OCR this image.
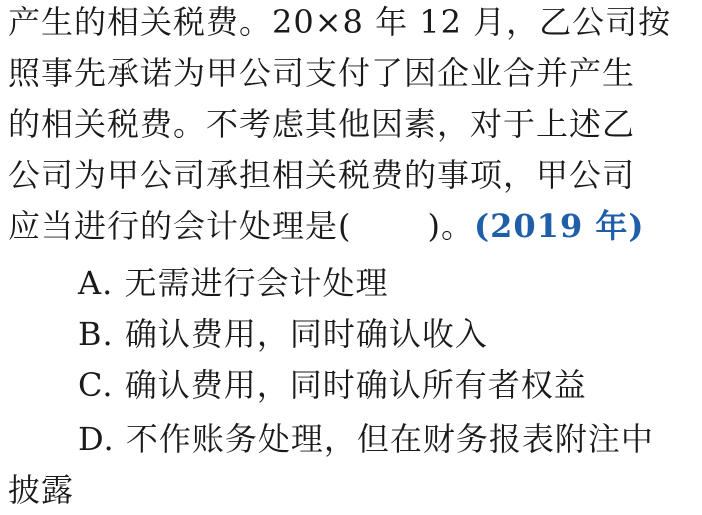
产生的相关税费。20×8 年 12 月，乙公司按
照事先承诺为甲公司支付了因企业合并产生
的相关税费。不考虑其他因素，对于上述乙
公司为甲公司承担相关税费的事项，甲公司
应当进行的会计处理是( )。(2019 年)
A. 无需进行会计处理
B. 确认费用，同时确认收入
C. 确认费用，同时确认所有者权益
D. 不作账务处理，但在财务报表附注中
披露
